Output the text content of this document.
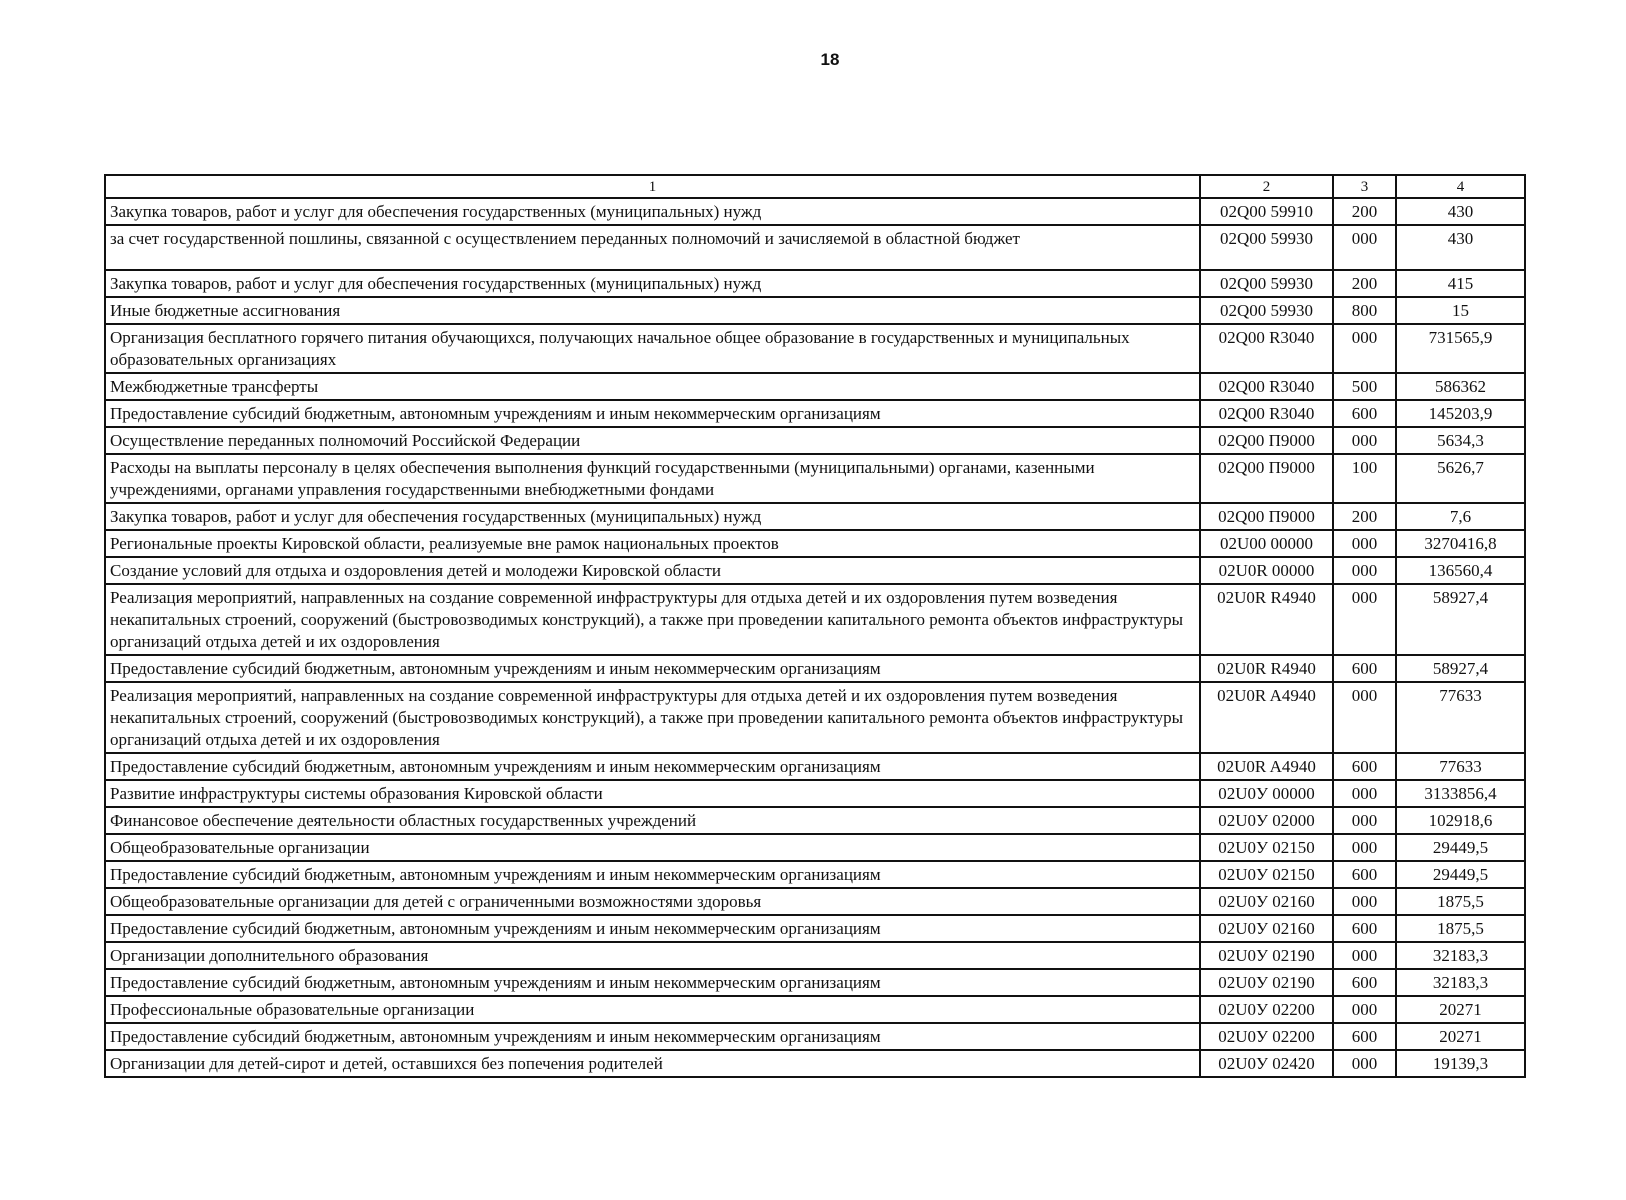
18
1	2	3	4
Закупка товаров, работ и услуг для обеспечения государственных (муниципальных) нужд	02Q00 59910	200	430
за счет государственной пошлины, связанной с осуществлением переданных полномочий и зачисляемой в областной бюджет	02Q00 59930	000	430
Закупка товаров, работ и услуг для обеспечения государственных (муниципальных) нужд	02Q00 59930	200	415
Иные бюджетные ассигнования	02Q00 59930	800	15
Организация бесплатного горячего питания обучающихся, получающих начальное общее образование в государственных и муниципальных образовательных организациях	02Q00 R3040	000	731565,9
Межбюджетные трансферты	02Q00 R3040	500	586362
Предоставление субсидий бюджетным, автономным учреждениям и иным некоммерческим организациям	02Q00 R3040	600	145203,9
Осуществление переданных полномочий Российской Федерации	02Q00 П9000	000	5634,3
Расходы на выплаты персоналу в целях обеспечения выполнения функций государственными (муниципальными) органами, казенными учреждениями, органами управления государственными внебюджетными фондами	02Q00 П9000	100	5626,7
Закупка товаров, работ и услуг для обеспечения государственных (муниципальных) нужд	02Q00 П9000	200	7,6
Региональные проекты Кировской области, реализуемые вне рамок национальных проектов	02U00 00000	000	3270416,8
Создание условий для отдыха и оздоровления детей и молодежи Кировской области	02U0R 00000	000	136560,4
Реализация мероприятий, направленных на создание современной инфраструктуры для отдыха детей и их оздоровления путем возведения некапитальных строений, сооружений (быстровозводимых конструкций), а также при проведении капитального ремонта объектов инфраструктуры организаций отдыха детей и их оздоровления	02U0R R4940	000	58927,4
Предоставление субсидий бюджетным, автономным учреждениям и иным некоммерческим организациям	02U0R R4940	600	58927,4
Реализация мероприятий, направленных на создание современной инфраструктуры для отдыха детей и их оздоровления путем возведения некапитальных строений, сооружений (быстровозводимых конструкций), а также при проведении капитального ремонта объектов инфраструктуры организаций отдыха детей и их оздоровления	02U0R A4940	000	77633
Предоставление субсидий бюджетным, автономным учреждениям и иным некоммерческим организациям	02U0R A4940	600	77633
Развитие инфраструктуры системы образования Кировской области	02U0У 00000	000	3133856,4
Финансовое обеспечение деятельности областных государственных учреждений	02U0У 02000	000	102918,6
Общеобразовательные организации	02U0У 02150	000	29449,5
Предоставление субсидий бюджетным, автономным учреждениям и иным некоммерческим организациям	02U0У 02150	600	29449,5
Общеобразовательные организации для детей с ограниченными возможностями здоровья	02U0У 02160	000	1875,5
Предоставление субсидий бюджетным, автономным учреждениям и иным некоммерческим организациям	02U0У 02160	600	1875,5
Организации дополнительного образования	02U0У 02190	000	32183,3
Предоставление субсидий бюджетным, автономным учреждениям и иным некоммерческим организациям	02U0У 02190	600	32183,3
Профессиональные образовательные организации	02U0У 02200	000	20271
Предоставление субсидий бюджетным, автономным учреждениям и иным некоммерческим организациям	02U0У 02200	600	20271
Организации для детей-сирот и детей, оставшихся без попечения родителей	02U0У 02420	000	19139,3
